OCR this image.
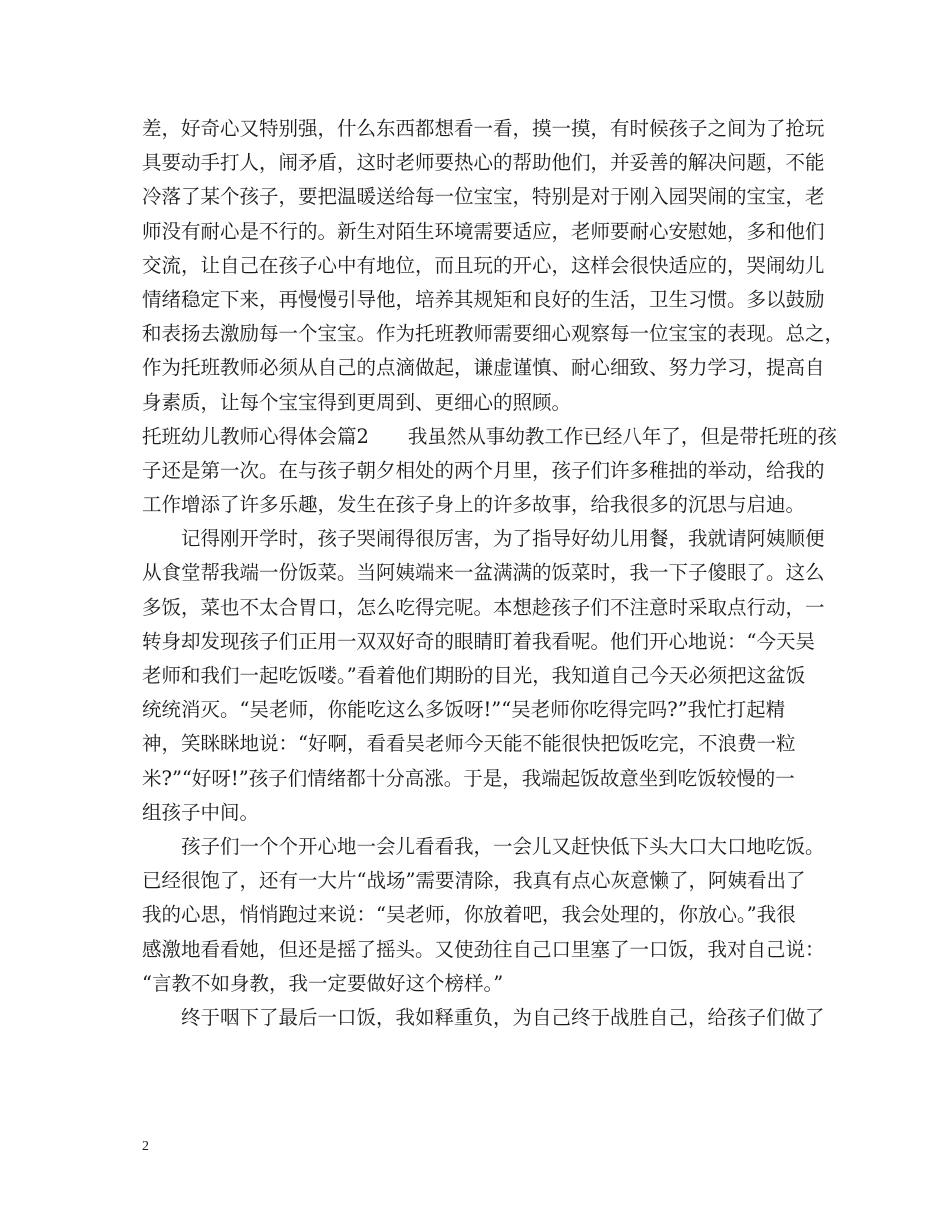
差，好奇心又特别强，什么东西都想看一看，摸一摸，有时候孩子之间为了抢玩
具要动手打人，闹矛盾，这时老师要热心的帮助他们，并妥善的解决问题，不能
冷落了某个孩子，要把温暖送给每一位宝宝，特别是对于刚入园哭闹的宝宝，老
师没有耐心是不行的。新生对陌生环境需要适应，老师要耐心安慰她，多和他们
交流，让自己在孩子心中有地位，而且玩的开心，这样会很快适应的，哭闹幼儿
情绪稳定下来，再慢慢引导他，培养其规矩和良好的生活，卫生习惯。多以鼓励
和表扬去激励每一个宝宝。作为托班教师需要细心观察每一位宝宝的表现。总之，
作为托班教师必须从自己的点滴做起，谦虚谨慎、耐心细致、努力学习，提高自
身素质，让每个宝宝得到更周到、更细心的照顾。
托班幼儿教师心得体会篇2　　我虽然从事幼教工作已经八年了，但是带托班的孩
子还是第一次。在与孩子朝夕相处的两个月里，孩子们许多稚拙的举动，给我的
工作增添了许多乐趣，发生在孩子身上的许多故事，给我很多的沉思与启迪。
记得刚开学时，孩子哭闹得很厉害，为了指导好幼儿用餐，我就请阿姨顺便
从食堂帮我端一份饭菜。当阿姨端来一盆满满的饭菜时，我一下子傻眼了。这么
多饭，菜也不太合胃口，怎么吃得完呢。本想趁孩子们不注意时采取点行动，一
转身却发现孩子们正用一双双好奇的眼睛盯着我看呢。他们开心地说：“今天吴
老师和我们一起吃饭喽。”看着他们期盼的目光，我知道自己今天必须把这盆饭
统统消灭。“吴老师，你能吃这么多饭呀!”“吴老师你吃得完吗?”我忙打起精
神，笑眯眯地说：“好啊，看看吴老师今天能不能很快把饭吃完，不浪费一粒
米?”“好呀!”孩子们情绪都十分高涨。于是，我端起饭故意坐到吃饭较慢的一
组孩子中间。
孩子们一个个开心地一会儿看看我，一会儿又赶快低下头大口大口地吃饭。
已经很饱了，还有一大片“战场”需要清除，我真有点心灰意懒了，阿姨看出了
我的心思，悄悄跑过来说：“吴老师，你放着吧，我会处理的，你放心。”我很
感激地看看她，但还是摇了摇头。又使劲往自己口里塞了一口饭，我对自己说：
“言教不如身教，我一定要做好这个榜样。”
终于咽下了最后一口饭，我如释重负，为自己终于战胜自己，给孩子们做了
2
